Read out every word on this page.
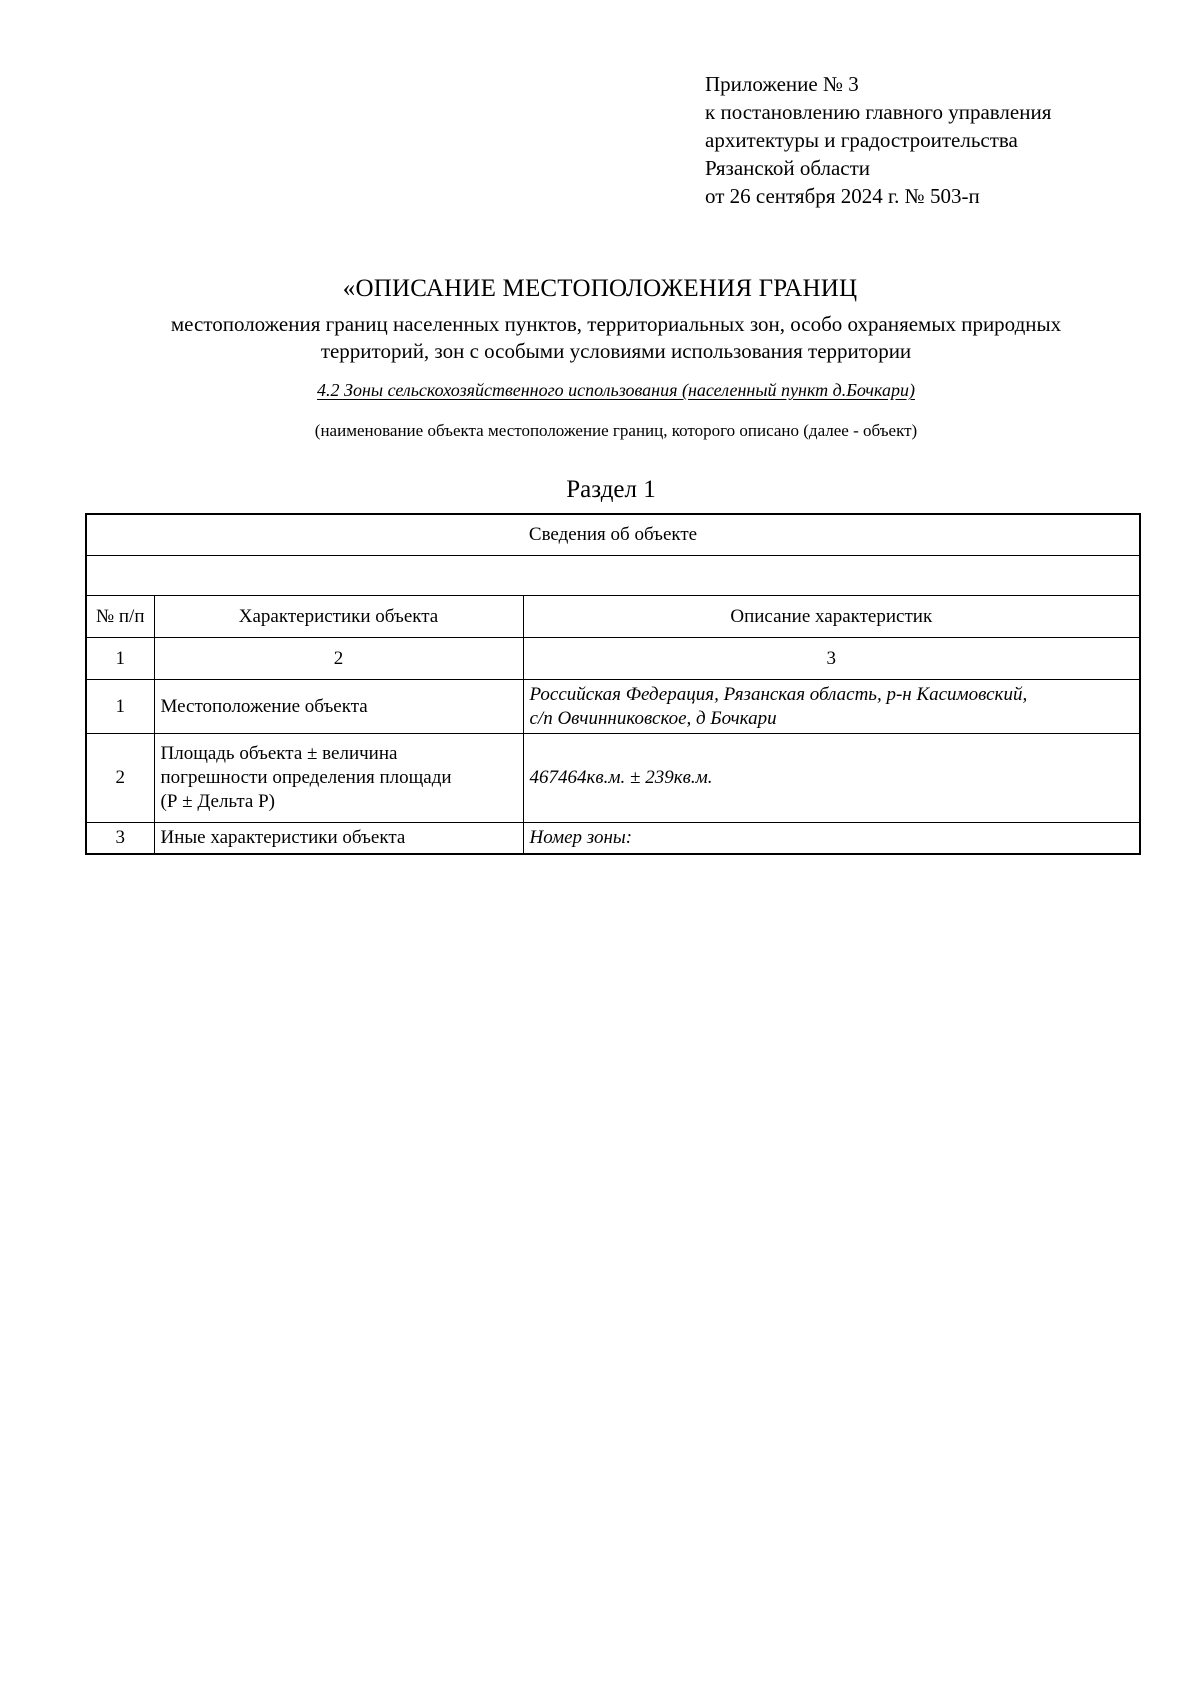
Приложение № 3
к постановлению главного управления
архитектуры и градостроительства
Рязанской области
от 26 сентября 2024 г. № 503-п
«ОПИСАНИЕ МЕСТОПОЛОЖЕНИЯ ГРАНИЦ
местоположения границ населенных пунктов, территориальных зон, особо охраняемых природных
территорий, зон с особыми условиями использования территории
4.2 Зоны сельскохозяйственного использования (населенный пункт д.Бочкари)
(наименование объекта местоположение границ, которого описано (далее - объект)
Раздел 1
Сведения об объекте		

№ п/п	Характеристики объекта	Описание характеристик
1	2	3
1	Местоположение объекта	Российская Федерация, Рязанская область, р-н Касимовский,
с/п Овчинниковское, д Бочкари

2	Площадь объекта ± величина
погрешности определения площади
(Р ± Дельта Р)	467464кв.м. ± 239кв.м.
3	Иные характеристики объекта	Номер зоны:
